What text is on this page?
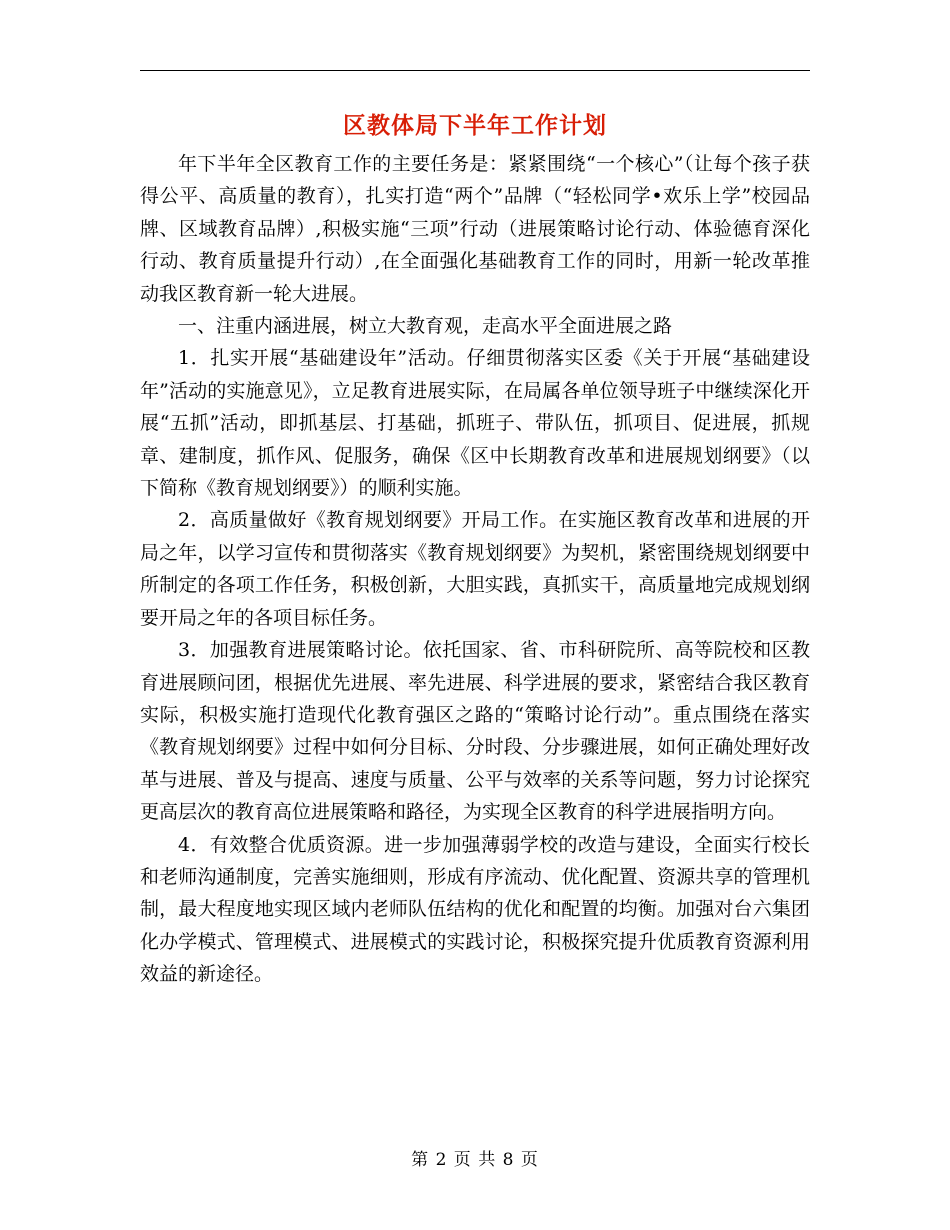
区教体局下半年工作计划

年下半年全区教育工作的主要任务是：紧紧围绕“一个核心”（让每个孩子获得公平、高质量的教育），扎实打造“两个”品牌（“轻松同学•欢乐上学”校园品牌、区域教育品牌）,积极实施“三项”行动（进展策略讨论行动、体验德育深化行动、教育质量提升行动）,在全面强化基础教育工作的同时，用新一轮改革推动我区教育新一轮大进展。

一、注重内涵进展，树立大教育观，走高水平全面进展之路

1．扎实开展“基础建设年”活动。仔细贯彻落实区委《关于开展“基础建设年”活动的实施意见》，立足教育进展实际，在局属各单位领导班子中继续深化开展“五抓”活动，即抓基层、打基础，抓班子、带队伍，抓项目、促进展，抓规章、建制度，抓作风、促服务，确保《区中长期教育改革和进展规划纲要》（以下简称《教育规划纲要》）的顺利实施。

2．高质量做好《教育规划纲要》开局工作。在实施区教育改革和进展的开局之年，以学习宣传和贯彻落实《教育规划纲要》为契机，紧密围绕规划纲要中所制定的各项工作任务，积极创新，大胆实践，真抓实干，高质量地完成规划纲要开局之年的各项目标任务。

3．加强教育进展策略讨论。依托国家、省、市科研院所、高等院校和区教育进展顾问团，根据优先进展、率先进展、科学进展的要求，紧密结合我区教育实际，积极实施打造现代化教育强区之路的“策略讨论行动”。重点围绕在落实《教育规划纲要》过程中如何分目标、分时段、分步骤进展，如何正确处理好改革与进展、普及与提高、速度与质量、公平与效率的关系等问题，努力讨论探究更高层次的教育高位进展策略和路径，为实现全区教育的科学进展指明方向。

4．有效整合优质资源。进一步加强薄弱学校的改造与建设，全面实行校长和老师沟通制度，完善实施细则，形成有序流动、优化配置、资源共享的管理机制，最大程度地实现区域内老师队伍结构的优化和配置的均衡。加强对台六集团化办学模式、管理模式、进展模式的实践讨论，积极探究提升优质教育资源利用效益的新途径。

第 2 页 共 8 页
